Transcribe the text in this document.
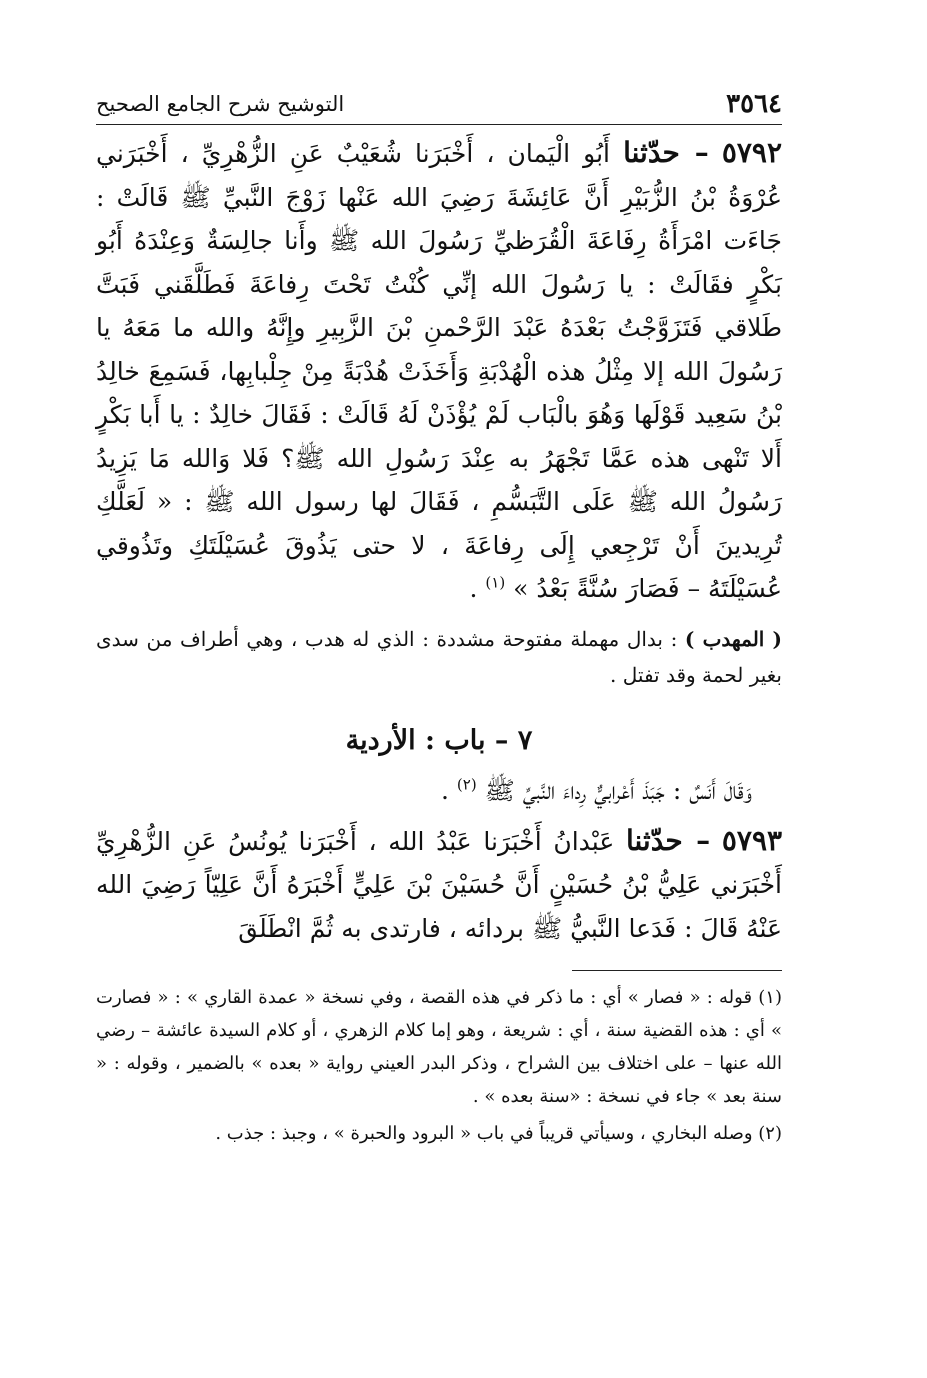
٣٥٦٤
التوشيح شرح الجامع الصحيح

٥٧٩٢ – حدّثنا أَبُو الْيَمان ، أَخْبَرَنا شُعَيْبٌ عَنِ الزُّهْرِيِّ ، أَخْبَرَني عُرْوَةُ بْنُ الزُّبَيْرِ أَنَّ عَائِشَةَ رَضِيَ الله عَنْها زَوْجَ النَّبيِّ ﷺ قَالَتْ : جَاءَت امْرَأَةُ رِفَاعَةَ الْقُرَظيِّ رَسُولَ الله ﷺ وأَنا جالِسَةٌ وَعِنْدَهُ أَبُو بَكْرٍ فقَالَتْ : يا رَسُولَ الله إنِّي كُنْتُ تَحْتَ رِفاعَةَ فَطَلَّقَني فَبَتَّ طَلاقي فَتَزَوَّجْتُ بَعْدَهُ عَبْدَ الرَّحْمنِ بْنَ الزَّبِيرِ وإِنَّهُ والله ما مَعَهُ يا رَسُولَ الله إلا مِثْلُ هذه الْهُدْبَةِ وَأَخَذَتْ هُدْبَةً مِنْ جِلْبابِها، فَسَمِعَ خالِدُ بْنُ سَعِيد قَوْلَها وَهُوَ بالْبَاب لَمْ يُؤْذَنْ لَهُ قَالَتْ : فَقَالَ خالِدٌ : يا أَبا بَكْرٍ أَلا تَنْهى هذه عَمَّا تَجْهَرُ به عِنْدَ رَسُولِ الله ﷺ؟ فَلا وَالله مَا يَزِيدُ رَسُولُ الله ﷺ عَلَى التَّبَسُّمِ ، فَقَالَ لها رسول الله ﷺ : « لَعَلَّكِ تُرِيدينَ أَنْ تَرْجِعي إِلَى رِفاعَةَ ، لا حتى يَذُوقَ عُسَيْلَتَكِ وتَذُوقي عُسَيْلَتَهُ – فَصَارَ سُنَّةً بَعْدُ » $^{(١)}$ .

( المهدب ) : بدال مهملة مفتوحة مشددة : الذي له هدب ، وهي أطراف من سدى بغير لحمة وقد تفتل .

٧ – باب : الأردية

وَقَالَ أَنَسٌ : جَبَذَ أَعْرابيٌّ رِداءَ النَّبيِّ ﷺ $^{(٢)}$ .

٥٧٩٣ – حدّثنا عَبْدانُ أَخْبَرَنا عَبْدُ الله ، أَخْبَرَنا يُونُسُ عَنِ الزُّهْرِيِّ أَخْبَرَني عَلِيُّ بْنُ حُسَيْنٍ أَنَّ حُسَيْنَ بْنَ عَلِيٍّ أَخْبَرَهُ أَنَّ عَلِيّاً رَضِيَ الله عَنْهُ قَالَ : فَدَعا النَّبيُّ ﷺ بردائه ، فارتدى به ثُمَّ انْطَلَقَ

(١) قوله : « فصار » أي : ما ذكر في هذه القصة ، وفي نسخة « عمدة القاري » : « فصارت » أي : هذه القضية سنة ، أي : شريعة ، وهو إما كلام الزهري ، أو كلام السيدة عائشة – رضي الله عنها – على اختلاف بين الشراح ، وذكر البدر العيني رواية « بعده » بالضمير ، وقوله : « سنة بعد » جاء في نسخة : «سنة بعده » .

(٢) وصله البخاري ، وسيأتي قريباً في باب « البرود والحبرة » ، وجبذ : جذب .
